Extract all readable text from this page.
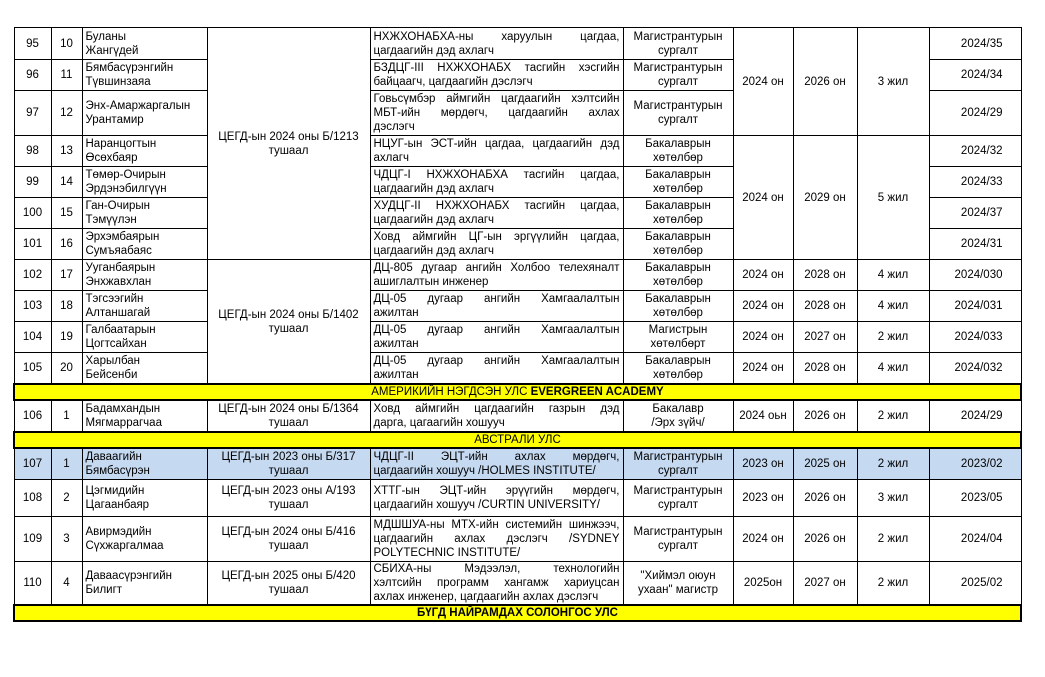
95	10	Буланы
Жангүдей	ЦЕГД-ын 2024 оны Б/1213
тушаал	НХЖХОНАБХА-ны харуулын цагдаа,
цагдаагийн дэд ахлагч	Магистрантурын
сургалт	2024 он	2026 он	3 жил	2024/35
96	11	Бямбасүрэнгийн
Түвшинзаяа		БЗДЦГ-III НХЖХОНАБХ тасгийн хэсгийн
байцаагч, цагдаагийн дэслэгч	Магистрантурын
сургалт				2024/34
97	12	Энх-Амаржаргалын
Урантамир		Говьсүмбэр аймгийн цагдаагийн хэлтсийн
МБТ-ийн мөрдөгч, цагдаагийн ахлах
дэслэгч	Магистрантурын
сургалт				2024/29
98	13	Наранцогтын
Өсөхбаяр		НЦУГ-ын ЭСТ-ийн цагдаа, цагдаагийн дэд
ахлагч	Бакалаврын
хөтөлбөр	2024 он	2029 он	5 жил	2024/32
99	14	Төмөр-Очирын
Эрдэнэбилгүүн		ЧДЦГ-I НХЖХОНАБХА тасгийн цагдаа,
цагдаагийн дэд ахлагч	Бакалаврын
хөтөлбөр				2024/33
100	15	Ган-Очирын
Тэмүүлэн		ХУДЦГ-II НХЖХОНАБХ тасгийн цагдаа,
цагдаагийн дэд ахлагч	Бакалаврын
хөтөлбөр				2024/37
101	16	Эрхэмбаярын
Сумъяабаяс		Ховд аймгийн ЦГ-ын эргүүлийн цагдаа,
цагдаагийн дэд ахлагч	Бакалаврын
хөтөлбөр				2024/31
102	17	Ууганбаярын
Энхжавхлан	ЦЕГД-ын 2024 оны Б/1402
тушаал	ДЦ-805 дугаар ангийн Холбоо телехяналт
ашиглалтын инженер	Бакалаврын
хөтөлбөр	2024 он	2028 он	4 жил	2024/030
103	18	Тэгсээгийн
Алтаншагай		ДЦ-05 дугаар ангийн Хамгаалалтын
ажилтан	Бакалаврын
хөтөлбөр	2024 он	2028 он	4 жил	2024/031
104	19	Галбаатарын
Цогтсайхан		ДЦ-05 дугаар ангийн Хамгаалалтын
ажилтан	Магистрын
хөтөлбөрт	2024 он	2027 он	2 жил	2024/033
105	20	Харылбан
Бейсенби		ДЦ-05 дугаар ангийн Хамгаалалтын
ажилтан	Бакалаврын
хөтөлбөр	2024 он	2028 он	4 жил	2024/032
АМЕРИКИЙН НЭГДСЭН УЛС EVERGREEN ACADEMY									
106	1	Бадамхандын
Мягмаррагчаа	ЦЕГД-ын 2024 оны Б/1364
тушаал	Ховд аймгийн цагдаагийн газрын дэд
дарга, цагаагийн хошууч	Бакалавр
/Эрх зүйч/	2024 оьн	2026 он	2 жил	2024/29
АВСТРАЛИ УЛС									
107	1	Даваагийн
Бямбасүрэн	ЦЕГД-ын 2023 оны Б/317
тушаал	ЧДЦГ-II ЭЦТ-ийн ахлах мөрдөгч,
цагдаагийн хошууч /HOLMES INSTITUTE/	Магистрантурын
сургалт	2023 он	2025 он	2 жил	2023/02
108	2	Цэгмидийн
Цагаанбаяр	ЦЕГД-ын 2023 оны А/193
тушаал	ХТТГ-ын ЭЦТ-ийн эрүүгийн мөрдөгч,
цагдаагийн хошууч /CURTIN UNIVERSITY/	Магистрантурын
сургалт	2023 он	2026 он	3 жил	2023/05
109	3	Авирмэдийн
Сүхжаргалмаа	ЦЕГД-ын 2024 оны Б/416
тушаал	МДШШУА-ны МТХ-ийн системийн шинжээч,
цагдаагийн ахлах дэслэгч /SYDNEY
POLYTECHNIC INSTITUTE/	Магистрантурын
сургалт	2024 он	2026 он	2 жил	2024/04
110	4	Даваасүрэнгийн
Билигт	ЦЕГД-ын 2025 оны Б/420
тушаал	СБИХА-ны Мэдээлэл, технологийн
хэлтсийн программ хангамж хариуцсан
ахлах инженер, цагдаагийн ахлах дэслэгч	"Хиймэл оюун
ухаан" магистр	2025он	2027 он	2 жил	2025/02
БҮГД НАЙРАМДАХ СОЛОНГОС УЛС									
